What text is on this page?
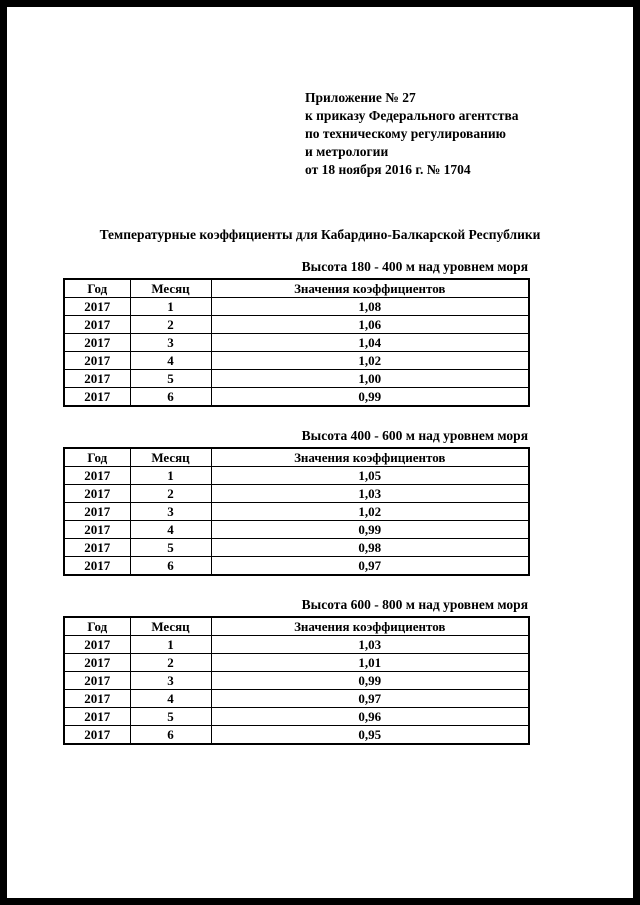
Приложение № 27
к приказу Федерального агентства
по техническому регулированию
и метрологии
от 18 ноября 2016 г. № 1704
Температурные коэффициенты для Кабардино-Балкарской Республики
Высота 180 - 400 м над уровнем моря
Год	Месяц	Значения коэффициентов
2017	1	1,08
2017	2	1,06
2017	3	1,04
2017	4	1,02
2017	5	1,00
2017	6	0,99
Высота 400 - 600 м над уровнем моря
Год	Месяц	Значения коэффициентов
2017	1	1,05
2017	2	1,03
2017	3	1,02
2017	4	0,99
2017	5	0,98
2017	6	0,97
Высота 600 - 800 м над уровнем моря
Год	Месяц	Значения коэффициентов
2017	1	1,03
2017	2	1,01
2017	3	0,99
2017	4	0,97
2017	5	0,96
2017	6	0,95
